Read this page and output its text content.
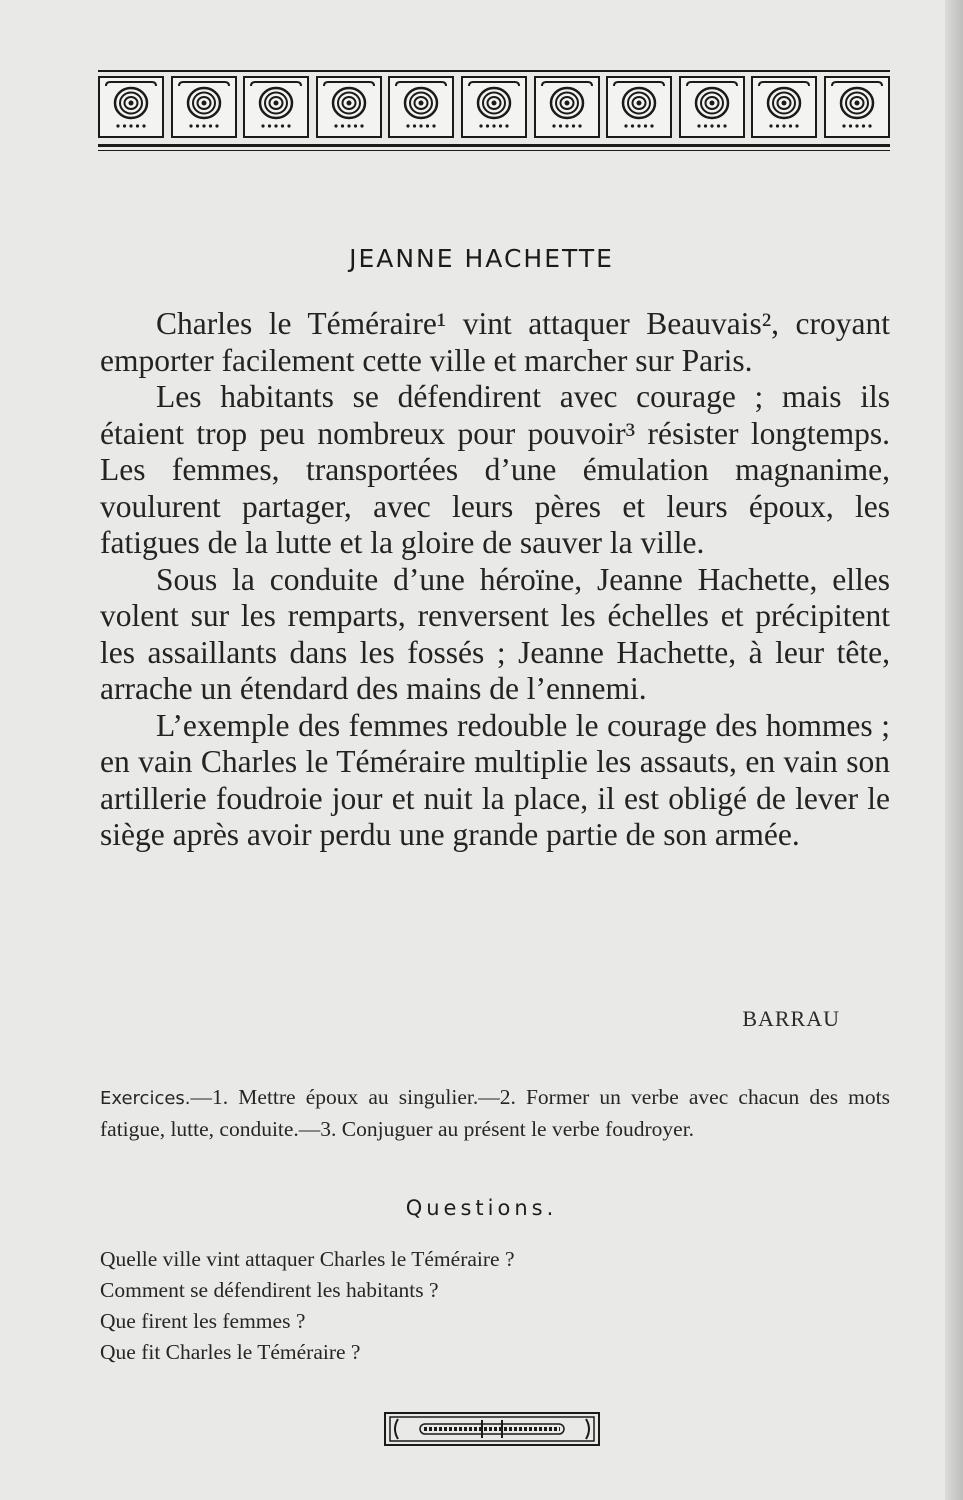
JEANNE HACHETTE

Charles le Téméraire¹ vint attaquer Beauvais², croyant emporter facilement cette ville et marcher sur Paris.

Les habitants se défendirent avec courage ; mais ils étaient trop peu nombreux pour pouvoir³ résister longtemps. Les femmes, transportées d’une émulation magnanime, voulurent partager, avec leurs pères et leurs époux, les fatigues de la lutte et la gloire de sauver la ville.

Sous la conduite d’une héroïne, Jeanne Hachette, elles volent sur les remparts, renversent les échelles et précipitent les assaillants dans les fossés ; Jeanne Hachette, à leur tête, arrache un étendard des mains de l’ennemi.

L’exemple des femmes redouble le courage des hommes ; en vain Charles le Téméraire multiplie les assauts, en vain son artillerie foudroie jour et nuit la place, il est obligé de lever le siège après avoir perdu une grande partie de son armée.

BARRAU
Exercices.—1. Mettre époux au singulier.—2. Former un verbe avec chacun des mots fatigue, lutte, conduite.—3. Conjuguer au présent le verbe foudroyer.
Questions.
Quelle ville vint attaquer Charles le Téméraire ?
Comment se défendirent les habitants ?
Que firent les femmes ?
Que fit Charles le Téméraire ?
